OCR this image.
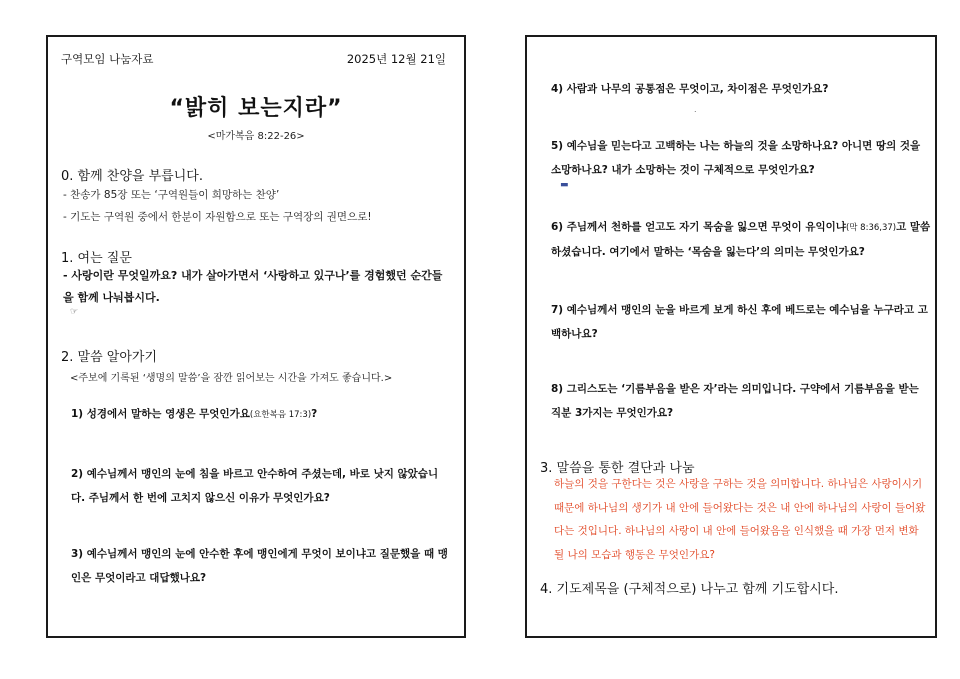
구역모임 나눔자료	2025년 12월 21일
“밝히 보는지라”
<마가복음 8:22-26>
0. 함께 찬양을 부릅니다.
- 찬송가 85장 또는 ‘구역원들이 희망하는 찬양’
- 기도는 구역원 중에서 한분이 자원함으로 또는 구역장의 권면으로!
1. 여는 질문
- 사랑이란 무엇일까요? 내가 살아가면서 ‘사랑하고 있구나’를 경험했던 순간들을 함께 나눠봅시다.
☞
2. 말씀 알아가기
<주보에 기록된 ‘생명의 말씀’을 잠깐 읽어보는 시간을 가져도 좋습니다.>
1) 성경에서 말하는 영생은 무엇인가요(요한복음 17:3)?
2) 예수님께서 맹인의 눈에 침을 바르고 안수하여 주셨는데, 바로 낫지 않았습니다. 주님께서 한 번에 고치지 않으신 이유가 무엇인가요?
3) 예수님께서 맹인의 눈에 안수한 후에 맹인에게 무엇이 보이냐고 질문했을 때 맹인은 무엇이라고 대답했나요?
4) 사람과 나무의 공통점은 무엇이고, 차이점은 무엇인가요?
.
5) 예수님을 믿는다고 고백하는 나는 하늘의 것을 소망하나요? 아니면 땅의 것을 소망하나요? 내가 소망하는 것이 구체적으로 무엇인가요?
▬
6) 주님께서 천하를 얻고도 자기 목숨을 잃으면 무엇이 유익이냐(막 8:36,37)고 말씀하셨습니다. 여기에서 말하는 ‘목숨을 잃는다’의 의미는 무엇인가요?
7) 예수님께서 맹인의 눈을 바르게 보게 하신 후에 베드로는 예수님을 누구라고 고백하나요?
8) 그리스도는 ‘기름부음을 받은 자’라는 의미입니다. 구약에서 기름부음을 받는 직분 3가지는 무엇인가요?
3. 말씀을 통한 결단과 나눔
하늘의 것을 구한다는 것은 사랑을 구하는 것을 의미합니다. 하나님은 사랑이시기 때문에 하나님의 생기가 내 안에 들어왔다는 것은 내 안에 하나님의 사랑이 들어왔다는 것입니다. 하나님의 사랑이 내 안에 들어왔음을 인식했을 때 가장 먼저 변화될 나의 모습과 행동은 무엇인가요?
4. 기도제목을 (구체적으로) 나누고 함께 기도합시다.
